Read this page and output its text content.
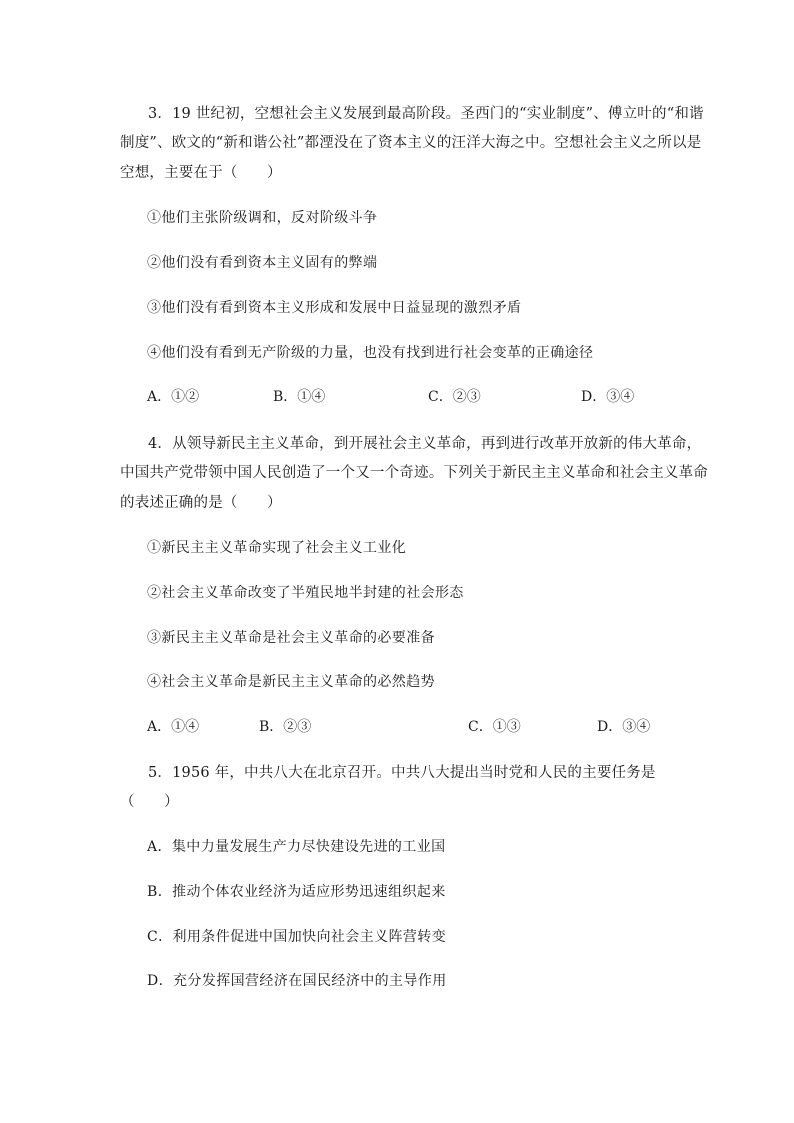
3．19 世纪初，空想社会主义发展到最高阶段。圣西门的“实业制度”、傅立叶的“和谐
制度”、欧文的“新和谐公社”都湮没在了资本主义的汪洋大海之中。空想社会主义之所以是
空想，主要在于（　　）
①他们主张阶级调和，反对阶级斗争
②他们没有看到资本主义固有的弊端
③他们没有看到资本主义形成和发展中日益显现的激烈矛盾
④他们没有看到无产阶级的力量，也没有找到进行社会变革的正确途径
A．①②	B．①④	C．②③	D．③④
4．从领导新民主主义革命，到开展社会主义革命，再到进行改革开放新的伟大革命，
中国共产党带领中国人民创造了一个又一个奇迹。下列关于新民主主义革命和社会主义革命
的表述正确的是（　　）
①新民主主义革命实现了社会主义工业化
②社会主义革命改变了半殖民地半封建的社会形态
③新民主主义革命是社会主义革命的必要准备
④社会主义革命是新民主主义革命的必然趋势
A．①④	B．②③	C．①③	D．③④
5．1956 年，中共八大在北京召开。中共八大提出当时党和人民的主要任务是
（　　）
A．集中力量发展生产力尽快建设先进的工业国
B．推动个体农业经济为适应形势迅速组织起来
C．利用条件促进中国加快向社会主义阵营转变
D．充分发挥国营经济在国民经济中的主导作用
